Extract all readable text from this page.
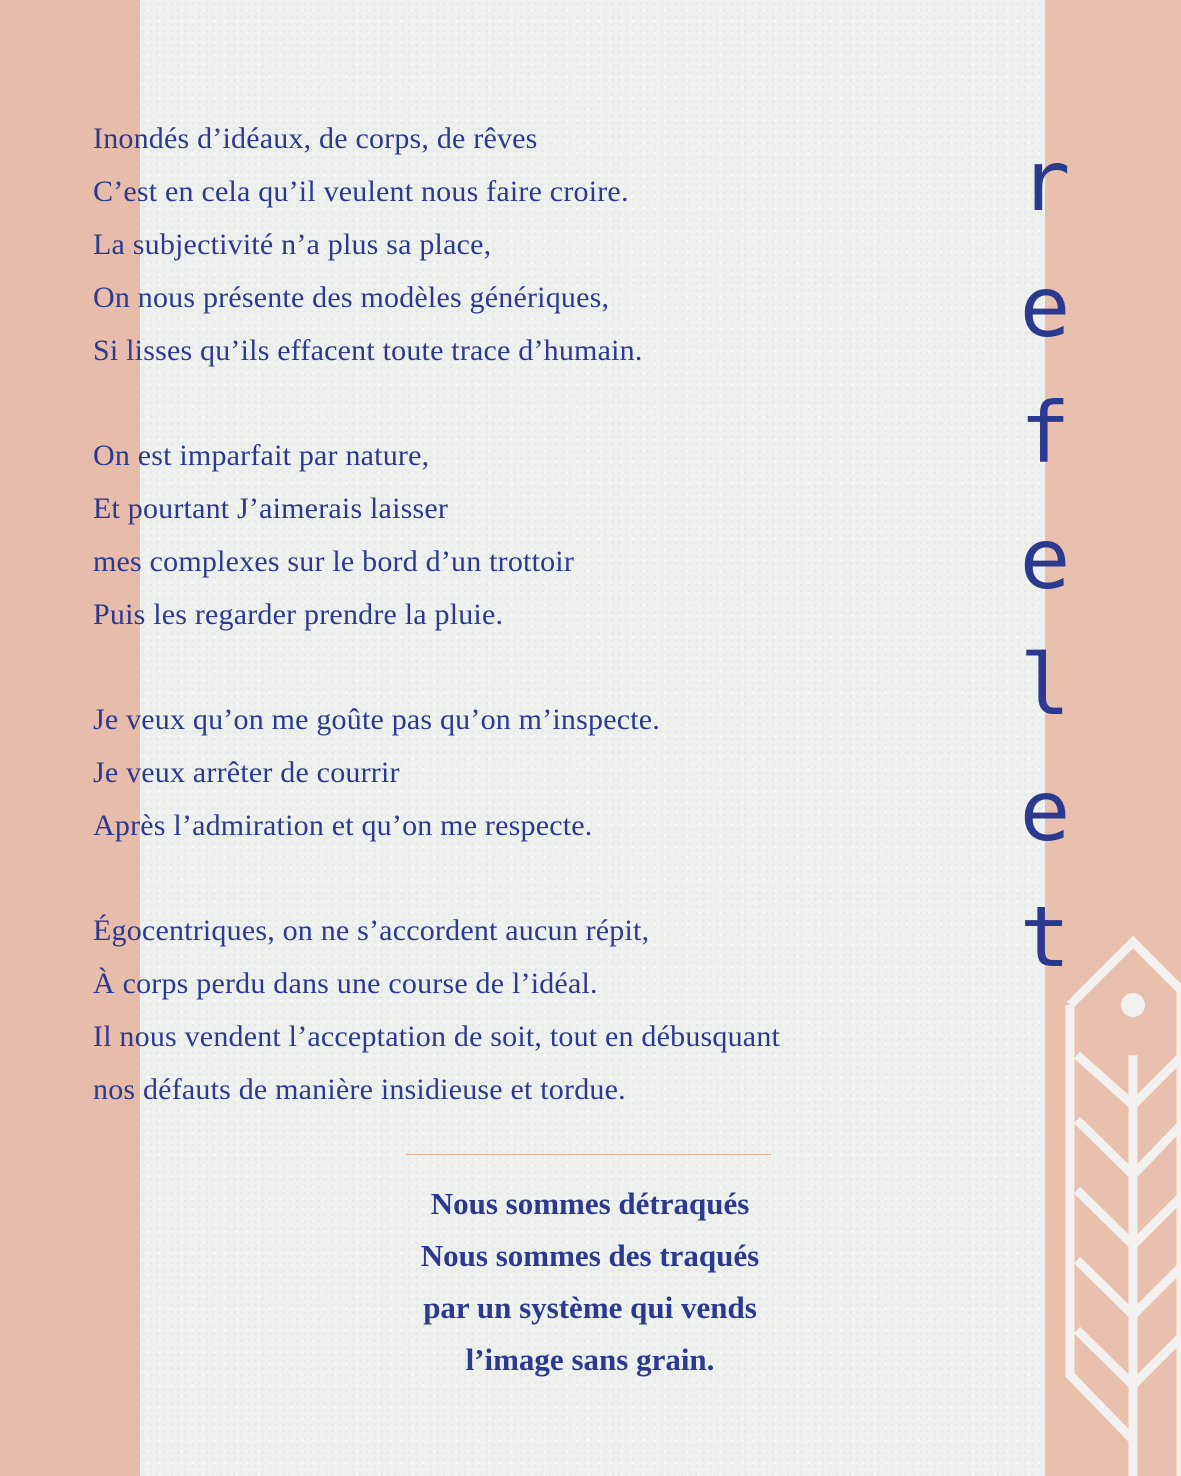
Inondés d’idéaux, de corps, de rêves
C’est en cela qu’il veulent nous faire croire.
La subjectivité n’a plus sa place,
On nous présente des modèles génériques,
Si lisses qu’ils effacent toute trace d’humain.
On est imparfait par nature,
Et pourtant J’aimerais laisser
mes complexes sur le bord d’un trottoir
Puis les regarder prendre la pluie.
Je veux qu’on me goûte pas qu’on m’inspecte.
Je veux arrêter de courrir
Après l’admiration et qu’on me respecte.
Égocentriques, on ne s’accordent aucun répit,
À corps perdu dans une course de l’idéal.
Il nous vendent l’acceptation de soit, tout en débusquant
nos défauts de manière insidieuse et tordue.
r
e
f
e
l
e
t
Nous sommes détraqués
Nous sommes des traqués
par un système qui vends
l’image sans grain.
